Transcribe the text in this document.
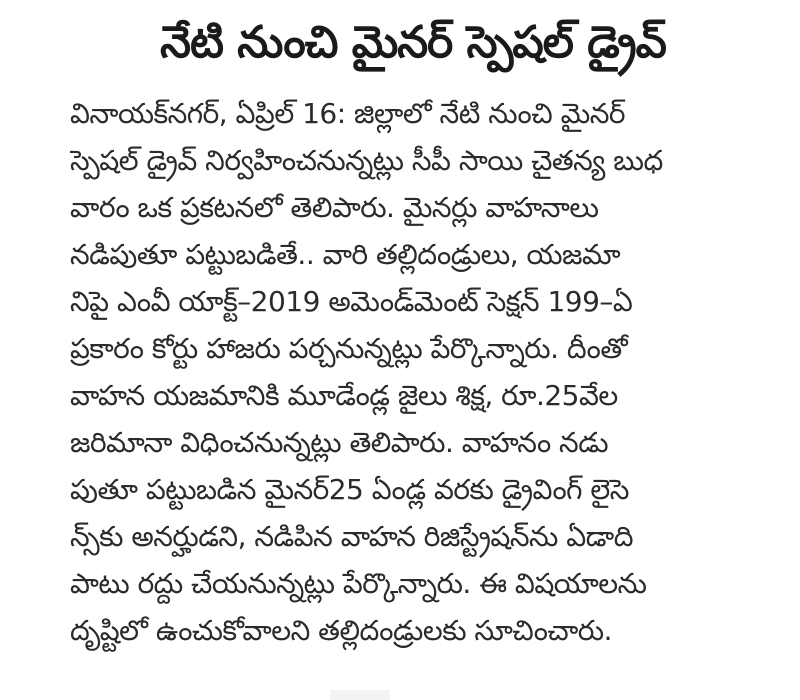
నేటి నుంచి మైనర్ స్పెషల్ డ్రైవ్
వినాయక్‌నగర్, ఏప్రిల్ 16: జిల్లాలో నేటి నుంచి మైనర్
స్పెషల్ డ్రైవ్ నిర్వహించనున్నట్లు సీపీ సాయి చైతన్య బుధ
వారం ఒక ప్రకటనలో తెలిపారు. మైనర్లు వాహనాలు
నడిపుతూ పట్టుబడితే.. వారి తల్లిదండ్రులు, యజమా
నిపై ఎంవీ యాక్ట్–2019 అమెండ్‌మెంట్ సెక్షన్ 199–ఏ
ప్రకారం కోర్టు హాజరు పర్చనున్నట్లు పేర్కొన్నారు. దీంతో
వాహన యజమానికి మూడేండ్ల జైలు శిక్ష, రూ.25వేల
జరిమానా విధించనున్నట్లు తెలిపారు. వాహనం నడు
పుతూ పట్టుబడిన మైనర్25 ఏండ్ల వరకు డ్రైవింగ్ లైసె
న్స్‌కు అనర్హుడని, నడిపిన వాహన రిజిస్ట్రేషన్‌ను ఏడాది
పాటు రద్దు చేయనున్నట్లు పేర్కొన్నారు. ఈ విషయాలను
దృష్టిలో ఉంచుకోవాలని తల్లిదండ్రులకు సూచించారు.
